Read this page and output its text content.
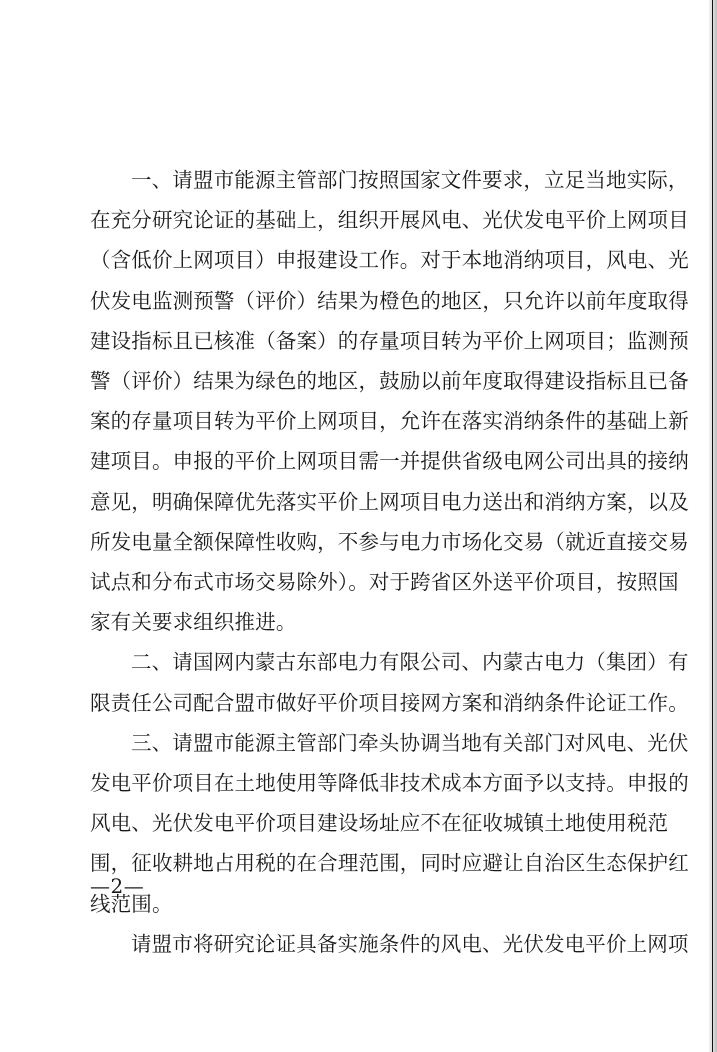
一、请盟市能源主管部门按照国家文件要求，立足当地实际，
在充分研究论证的基础上，组织开展风电、光伏发电平价上网项目
（含低价上网项目）申报建设工作。对于本地消纳项目，风电、光
伏发电监测预警（评价）结果为橙色的地区，只允许以前年度取得
建设指标且已核准（备案）的存量项目转为平价上网项目；监测预
警（评价）结果为绿色的地区，鼓励以前年度取得建设指标且已备
案的存量项目转为平价上网项目，允许在落实消纳条件的基础上新
建项目。申报的平价上网项目需一并提供省级电网公司出具的接纳
意见，明确保障优先落实平价上网项目电力送出和消纳方案，以及
所发电量全额保障性收购，不参与电力市场化交易（就近直接交易
试点和分布式市场交易除外）。对于跨省区外送平价项目，按照国
家有关要求组织推进。
二、请国网内蒙古东部电力有限公司、内蒙古电力（集团）有
限责任公司配合盟市做好平价项目接网方案和消纳条件论证工作。
三、请盟市能源主管部门牵头协调当地有关部门对风电、光伏
发电平价项目在土地使用等降低非技术成本方面予以支持。申报的
风电、光伏发电平价项目建设场址应不在征收城镇土地使用税范
围，征收耕地占用税的在合理范围，同时应避让自治区生态保护红
线范围。
请盟市将研究论证具备实施条件的风电、光伏发电平价上网项
—2—
